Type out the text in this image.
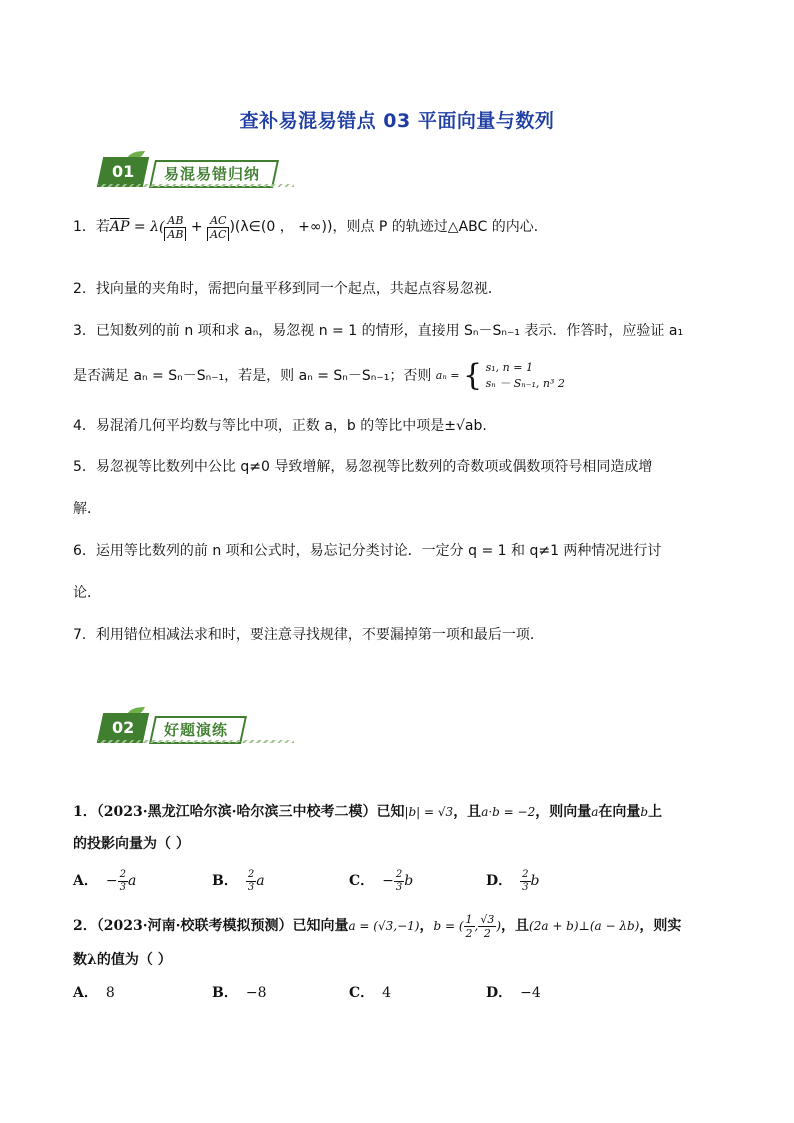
查补易混易错点 03 平面向量与数列
01	易混易错归纳
1．若$\overline{AP} = \lambda( \frac{AB}{AB} + \frac{AC}{AC}$ )(λ∈(0 ， +∞))，则点 P 的轨迹过△ABC 的内心．
2．找向量的夹角时，需把向量平移到同一个起点，共起点容易忽视．
3．已知数列的前 n 项和求 aₙ，易忽视 n = 1 的情形，直接用 Sₙ－Sₙ₋₁ 表示．作答时，应验证 a₁
是否满足 aₙ = Sₙ－Sₙ₋₁，若是，则 aₙ = Sₙ－Sₙ₋₁；否则 aₙ = { s₁, n = 1
sₙ － Sₙ₋₁, n³ 2
4．易混淆几何平均数与等比中项，正数 a，b 的等比中项是±√ab.
5．易忽视等比数列中公比 q≠0 导致增解，易忽视等比数列的奇数项或偶数项符号相同造成增
解．
6．运用等比数列的前 n 项和公式时，易忘记分类讨论．一定分 q = 1 和 q≠1 两种情况进行讨
论．
7．利用错位相减法求和时，要注意寻找规律，不要漏掉第一项和最后一项．
02	好题演练
1．（2023·黑龙江哈尔滨·哈尔滨三中校考二模）已知|b| = √3，且a·b = −2，则向量a在向量b上
的投影向量为（ ）
A． − $\frac{2}{3}$ a	B． $\frac{2}{3}$ a	C． − $\frac{2}{3}$ b	D． $\frac{2}{3}$ b
2．（2023·河南·校联考模拟预测）已知向量a = (√3,−1)，b = ( $\frac{1}{2}$ , $\frac{√3}{2}$ )，且(2a + b)⊥(a − λb)，则实
数λ的值为（ ）
A． 8	B． −8	C． 4	D． −4
